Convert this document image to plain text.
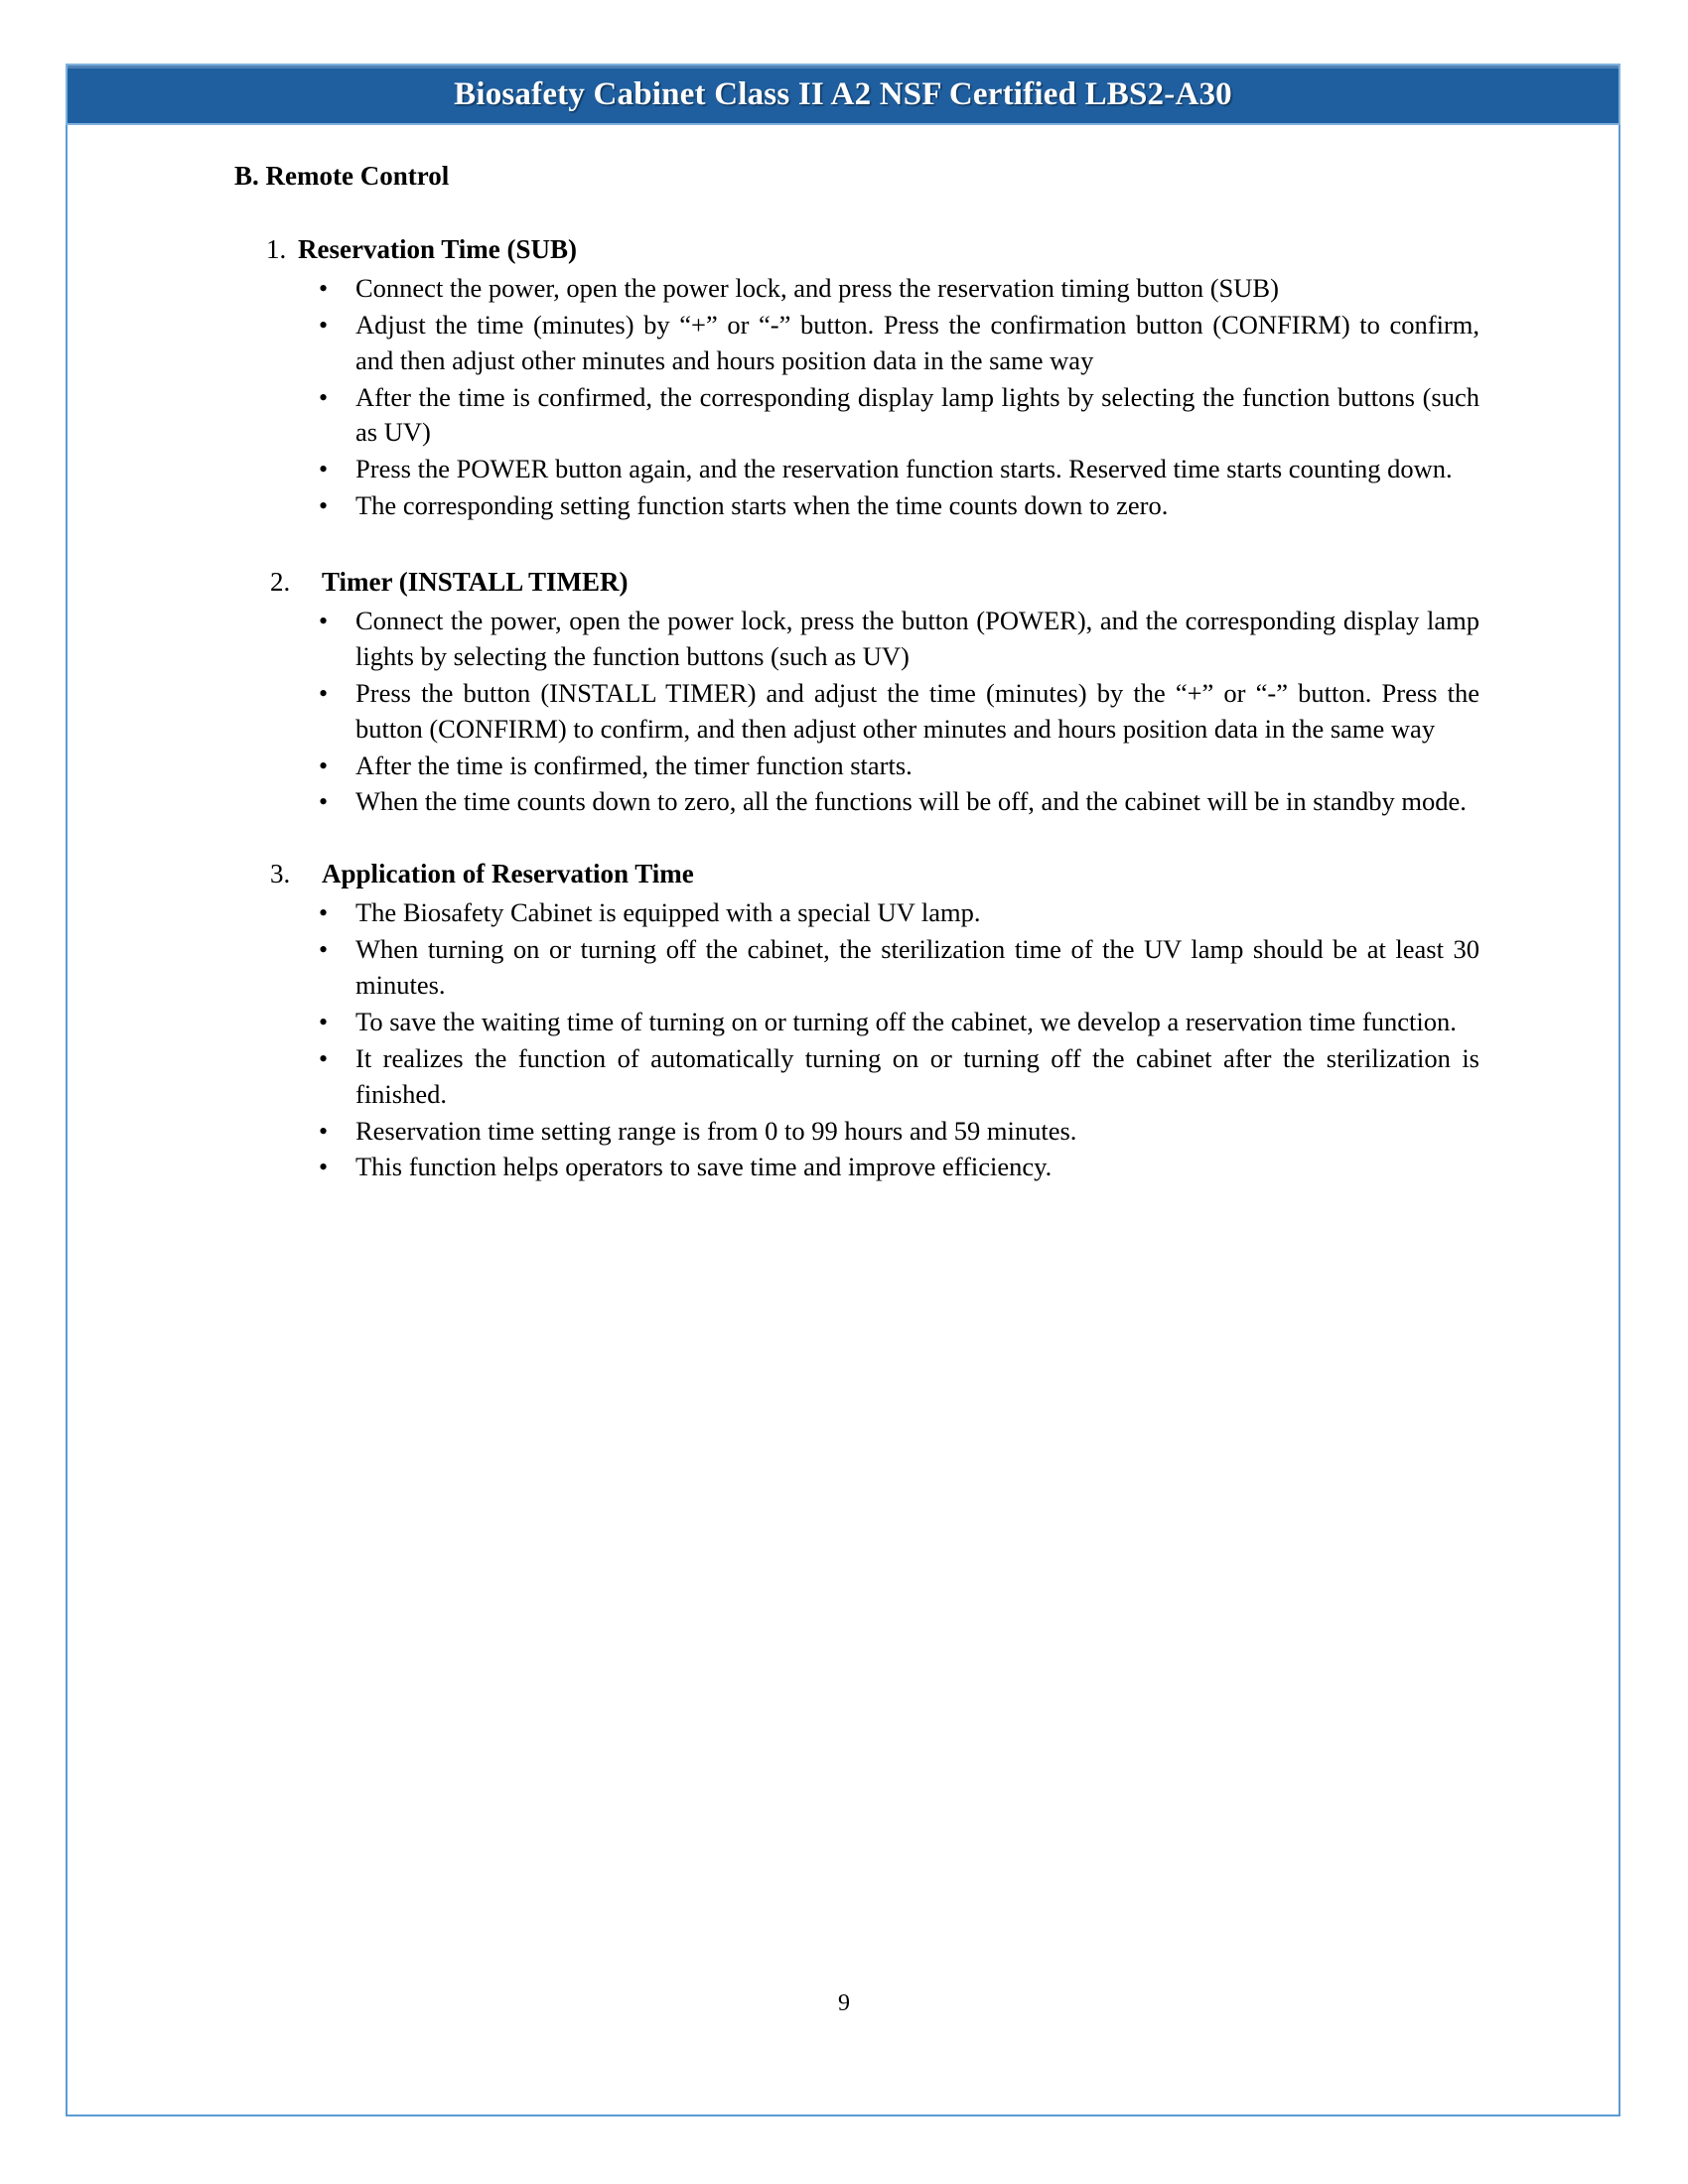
Biosafety Cabinet Class II A2 NSF Certified LBS2-A30
B. Remote Control
1. Reservation Time (SUB)
• Connect the power, open the power lock, and press the reservation timing button (SUB)
• Adjust the time (minutes) by “+” or “-” button. Press the confirmation button (CONFIRM) to confirm, and then adjust other minutes and hours position data in the same way
• After the time is confirmed, the corresponding display lamp lights by selecting the function buttons (such as UV)
• Press the POWER button again, and the reservation function starts. Reserved time starts counting down.
• The corresponding setting function starts when the time counts down to zero.
2.	Timer (INSTALL TIMER)
• Connect the power, open the power lock, press the button (POWER), and the corresponding display lamp lights by selecting the function buttons (such as UV)
• Press the button (INSTALL TIMER) and adjust the time (minutes) by the “+” or “-” button. Press the button (CONFIRM) to confirm, and then adjust other minutes and hours position data in the same way
• After the time is confirmed, the timer function starts.
• When the time counts down to zero, all the functions will be off, and the cabinet will be in standby mode.
3.	Application of Reservation Time
• The Biosafety Cabinet is equipped with a special UV lamp.
• When turning on or turning off the cabinet, the sterilization time of the UV lamp should be at least 30 minutes.
• To save the waiting time of turning on or turning off the cabinet, we develop a reservation time function.
• It realizes the function of automatically turning on or turning off the cabinet after the sterilization is finished.
• Reservation time setting range is from 0 to 99 hours and 59 minutes.
• This function helps operators to save time and improve efficiency.
9
